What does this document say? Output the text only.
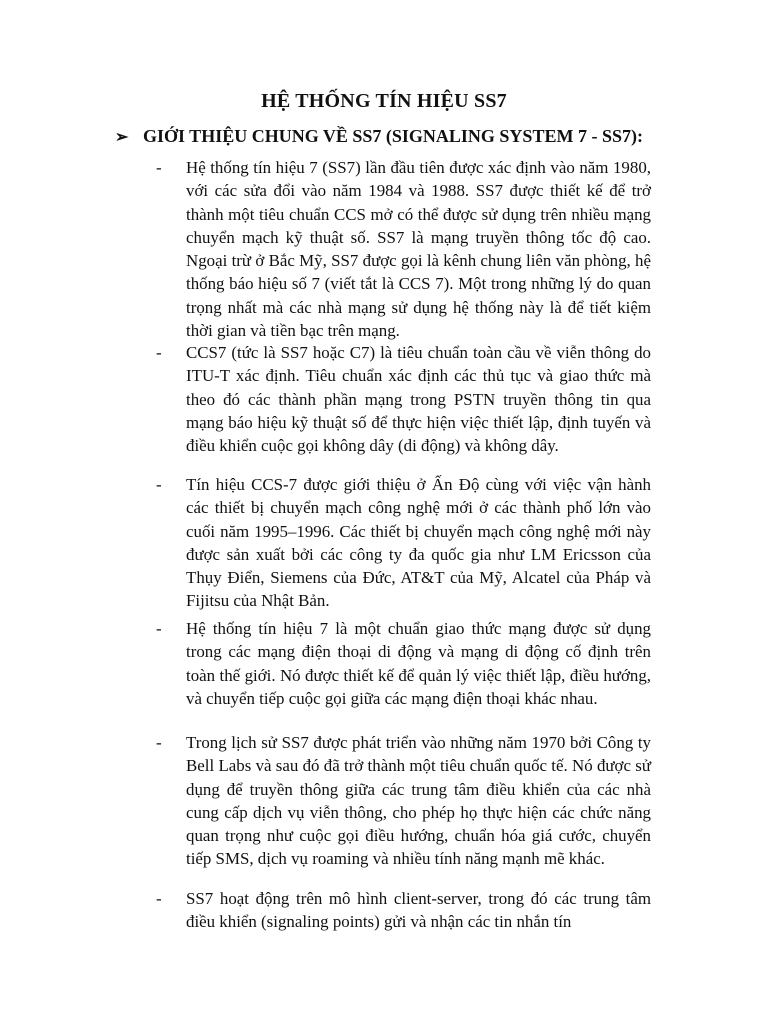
HỆ THỐNG TÍN HIỆU SS7
➢ GIỚI THIỆU CHUNG VỀ SS7 (SIGNALING SYSTEM 7 - SS7):
- Hệ thống tín hiệu 7 (SS7) lần đầu tiên được xác định vào năm 1980, với các sửa đổi vào năm 1984 và 1988. SS7 được thiết kế để trở thành một tiêu chuẩn CCS mở có thể được sử dụng trên nhiều mạng chuyển mạch kỹ thuật số. SS7 là mạng truyền thông tốc độ cao. Ngoại trừ ở Bắc Mỹ, SS7 được gọi là kênh chung liên văn phòng, hệ thống báo hiệu số 7 (viết tắt là CCS 7). Một trong những lý do quan trọng nhất mà các nhà mạng sử dụng hệ thống này là để tiết kiệm thời gian và tiền bạc trên mạng.
- CCS7 (tức là SS7 hoặc C7) là tiêu chuẩn toàn cầu về viễn thông do ITU-T xác định. Tiêu chuẩn xác định các thủ tục và giao thức mà theo đó các thành phần mạng trong PSTN truyền thông tin qua mạng báo hiệu kỹ thuật số để thực hiện việc thiết lập, định tuyến và điều khiển cuộc gọi không dây (di động) và không dây.
- Tín hiệu CCS-7 được giới thiệu ở Ấn Độ cùng với việc vận hành các thiết bị chuyển mạch công nghệ mới ở các thành phố lớn vào cuối năm 1995–1996. Các thiết bị chuyển mạch công nghệ mới này được sản xuất bởi các công ty đa quốc gia như LM Ericsson của Thụy Điển, Siemens của Đức, AT&T của Mỹ, Alcatel của Pháp và Fijitsu của Nhật Bản.
- Hệ thống tín hiệu 7 là một chuẩn giao thức mạng được sử dụng trong các mạng điện thoại di động và mạng di động cố định trên toàn thế giới. Nó được thiết kế để quản lý việc thiết lập, điều hướng, và chuyển tiếp cuộc gọi giữa các mạng điện thoại khác nhau.
- Trong lịch sử SS7 được phát triển vào những năm 1970 bởi Công ty Bell Labs và sau đó đã trở thành một tiêu chuẩn quốc tế. Nó được sử dụng để truyền thông giữa các trung tâm điều khiển của các nhà cung cấp dịch vụ viễn thông, cho phép họ thực hiện các chức năng quan trọng như cuộc gọi điều hướng, chuẩn hóa giá cước, chuyển tiếp SMS, dịch vụ roaming và nhiều tính năng mạnh mẽ khác.
- SS7 hoạt động trên mô hình client-server, trong đó các trung tâm điều khiển (signaling points) gửi và nhận các tin nhắn tín
